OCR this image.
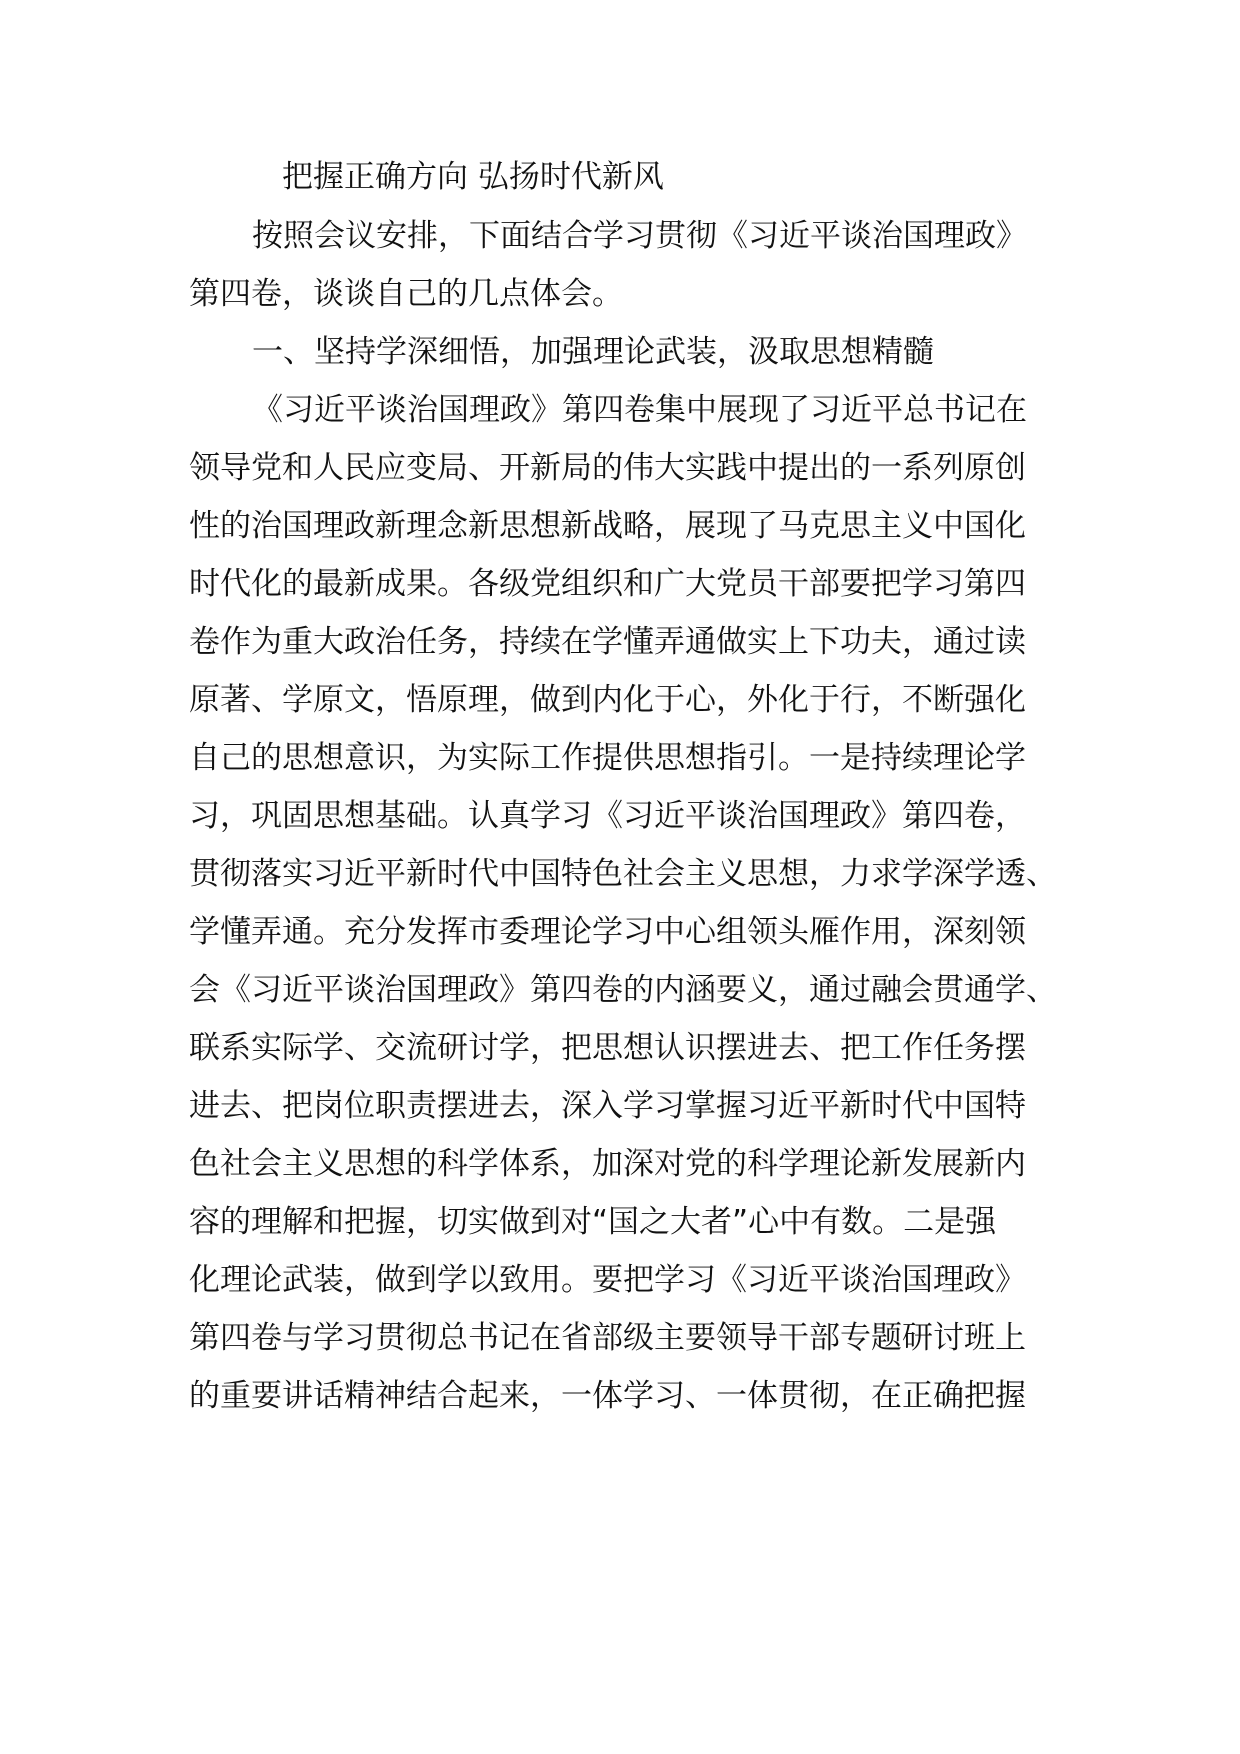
把握正确方向 弘扬时代新风

按照会议安排，下面结合学习贯彻《习近平谈治国理政》

第四卷，谈谈自己的几点体会。

一、坚持学深细悟，加强理论武装，汲取思想精髓

《习近平谈治国理政》第四卷集中展现了习近平总书记在

领导党和人民应变局、开新局的伟大实践中提出的一系列原创

性的治国理政新理念新思想新战略，展现了马克思主义中国化

时代化的最新成果。各级党组织和广大党员干部要把学习第四

卷作为重大政治任务，持续在学懂弄通做实上下功夫，通过读

原著、学原文，悟原理，做到内化于心，外化于行，不断强化

自己的思想意识，为实际工作提供思想指引。一是持续理论学

习，巩固思想基础。认真学习《习近平谈治国理政》第四卷，

贯彻落实习近平新时代中国特色社会主义思想，力求学深学透、

学懂弄通。充分发挥市委理论学习中心组领头雁作用，深刻领

会《习近平谈治国理政》第四卷的内涵要义，通过融会贯通学、

联系实际学、交流研讨学，把思想认识摆进去、把工作任务摆

进去、把岗位职责摆进去，深入学习掌握习近平新时代中国特

色社会主义思想的科学体系，加深对党的科学理论新发展新内

容的理解和把握，切实做到对“国之大者”心中有数。二是强

化理论武装，做到学以致用。要把学习《习近平谈治国理政》

第四卷与学习贯彻总书记在省部级主要领导干部专题研讨班上

的重要讲话精神结合起来，一体学习、一体贯彻，在正确把握
